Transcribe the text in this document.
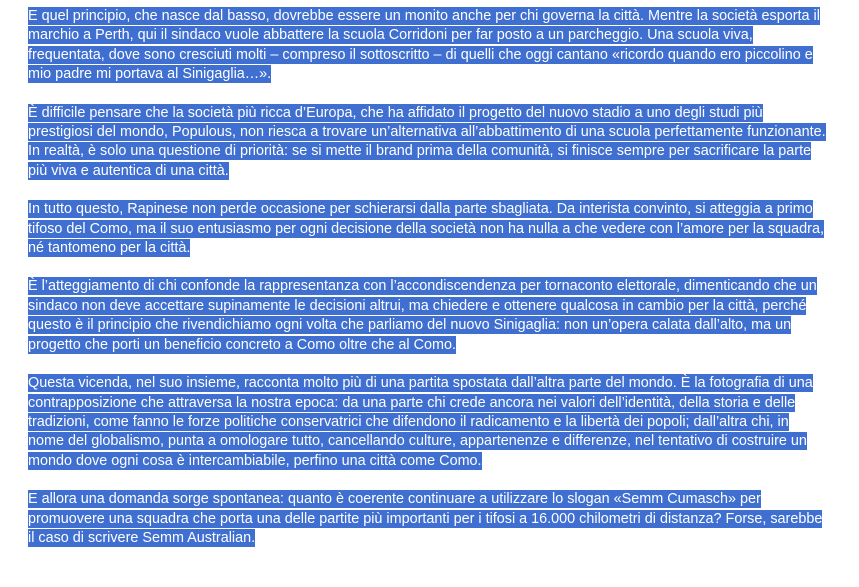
E quel principio, che nasce dal basso, dovrebbe essere un monito anche per chi governa la città. Mentre la società esporta il marchio a Perth, qui il sindaco vuole abbattere la scuola Corridoni per far posto a un parcheggio. Una scuola viva, frequentata, dove sono cresciuti molti – compreso il sottoscritto – di quelli che oggi cantano «ricordo quando ero piccolino e mio padre mi portava al Sinigaglia…».

È difficile pensare che la società più ricca d’Europa, che ha affidato il progetto del nuovo stadio a uno degli studi più prestigiosi del mondo, Populous, non riesca a trovare un’alternativa all’abbattimento di una scuola perfettamente funzionante. In realtà, è solo una questione di priorità: se si mette il brand prima della comunità, si finisce sempre per sacrificare la parte più viva e autentica di una città.

In tutto questo, Rapinese non perde occasione per schierarsi dalla parte sbagliata. Da interista convinto, si atteggia a primo tifoso del Como, ma il suo entusiasmo per ogni decisione della società non ha nulla a che vedere con l’amore per la squadra, né tantomeno per la città.

È l’atteggiamento di chi confonde la rappresentanza con l’accondiscendenza per tornaconto elettorale, dimenticando che un sindaco non deve accettare supinamente le decisioni altrui, ma chiedere e ottenere qualcosa in cambio per la città, perché questo è il principio che rivendichiamo ogni volta che parliamo del nuovo Sinigaglia: non un’opera calata dall’alto, ma un progetto che porti un beneficio concreto a Como oltre che al Como.

Questa vicenda, nel suo insieme, racconta molto più di una partita spostata dall’altra parte del mondo. È la fotografia di una contrapposizione che attraversa la nostra epoca: da una parte chi crede ancora nei valori dell’identità, della storia e delle tradizioni, come fanno le forze politiche conservatrici che difendono il radicamento e la libertà dei popoli; dall’altra chi, in nome del globalismo, punta a omologare tutto, cancellando culture, appartenenze e differenze, nel tentativo di costruire un mondo dove ogni cosa è intercambiabile, perfino una città come Como.

E allora una domanda sorge spontanea: quanto è coerente continuare a utilizzare lo slogan «Semm Cumasch» per promuovere una squadra che porta una delle partite più importanti per i tifosi a 16.000 chilometri di distanza? Forse, sarebbe il caso di scrivere Semm Australian.
